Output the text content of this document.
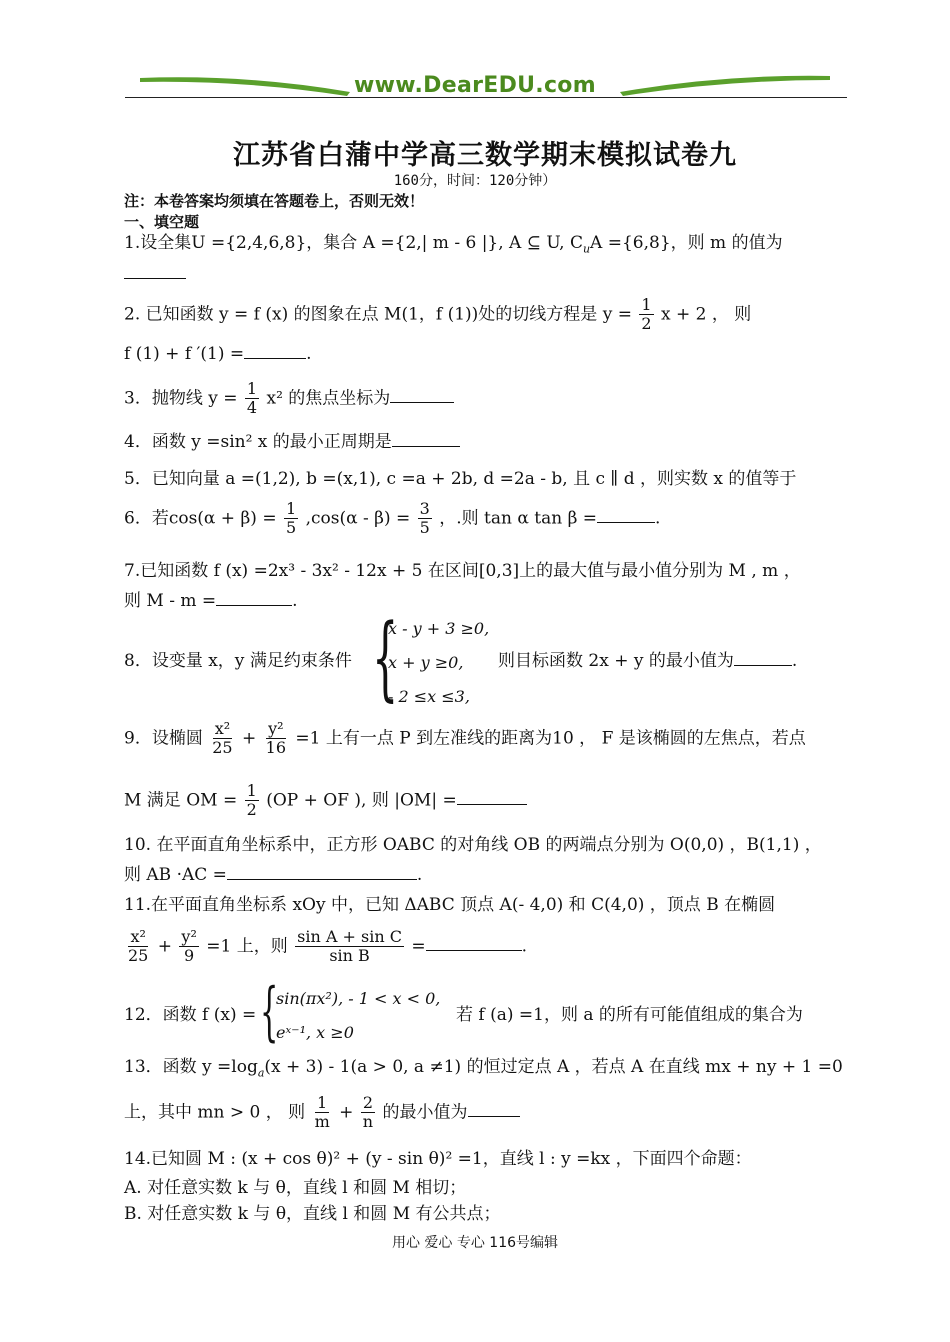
www.DearEDU.com
江苏省白蒲中学高三数学期末模拟试卷九
160分，时间：120分钟）
注：本卷答案均须填在答题卷上，否则无效！
一、填空题
1.设全集U ={2,4,6,8}，集合 A ={2,| m - 6 |}, A ⊆ U, $C_uA =\{6,8\}$，则 m 的值为
2. 已知函数 y = f (x) 的图象在点 M(1，f (1))处的切线方程是 $y = \frac{1}{2}$ x + 2 ， 则
f (1) + f ′(1) =	.
3．抛物线 $y = \frac{1}{4} x^2$ 的焦点坐标为
4．函数 y =sin² x 的最小正周期是
5．已知向量 a =(1,2), b =(x,1), c =a + 2b, d =2a - b, 且 c ∥ d ，则实数 x 的值等于
6．若$\cos(\alpha + \beta) = \frac{1}{5} ,\cos(\alpha - \beta) = \frac{3}{5}$ ，.则 tan α tan β =	.
7.已知函数 f (x) =2x³ - 3x² - 12x + 5 在区间[0,3]上的最大值与最小值分别为 M , m ，
则 M - m =	.
8．设变量 x，y 满足约束条件 {
x - y + 3 ≥0,
x + y ≥0,
- 2 ≤x ≤3,
则目标函数 2x + y 的最小值为	.
9．设椭圆 $\frac{\text{x²}}{25} + \frac{\text{y²}}{16} =1$ 上有一点 P 到左准线的距离为10 ， F 是该椭圆的左焦点，若点
M 满足 OM = $\frac{1}{2} (OP$ + OF ), 则 |OM| =
10. 在平面直角坐标系中，正方形 OABC 的对角线 OB 的两端点分别为 O(0,0) ，B(1,1) ，
则 AB ·AC =	.
11.在平面直角坐标系 xOy 中，已知 ΔABC 顶点 A(- 4,0) 和 C(4,0) ，顶点 B 在椭圆
$\frac{\text{x²}}{25} + \frac{\text{y²}}{9} =1$ 上，则 $\frac{\text{sin A + sin C}}{\text{sin B}}$ =	.
12．函数 f (x) = {
sin(πx²), - 1 < x < 0,
eˣ⁻¹, x ≥0
若 f (a) =1，则 a 的所有可能值组成的集合为
13．函数 $y =\log_a(x + 3) - 1(a > 0$, a ≠1) 的恒过定点 A ，若点 A 在直线 mx + ny + 1 =0
上，其中 mn > 0 ， 则 $\frac{1}{m} + \frac{2}{n}$ 的最小值为
14.已知圆 M : (x + cos θ)² + (y - sin θ)² =1，直线 l : y =kx ，下面四个命题：
A. 对任意实数 k 与 θ，直线 l 和圆 M 相切；
B. 对任意实数 k 与 θ，直线 l 和圆 M 有公共点；
用心 爱心 专心 116号编辑
